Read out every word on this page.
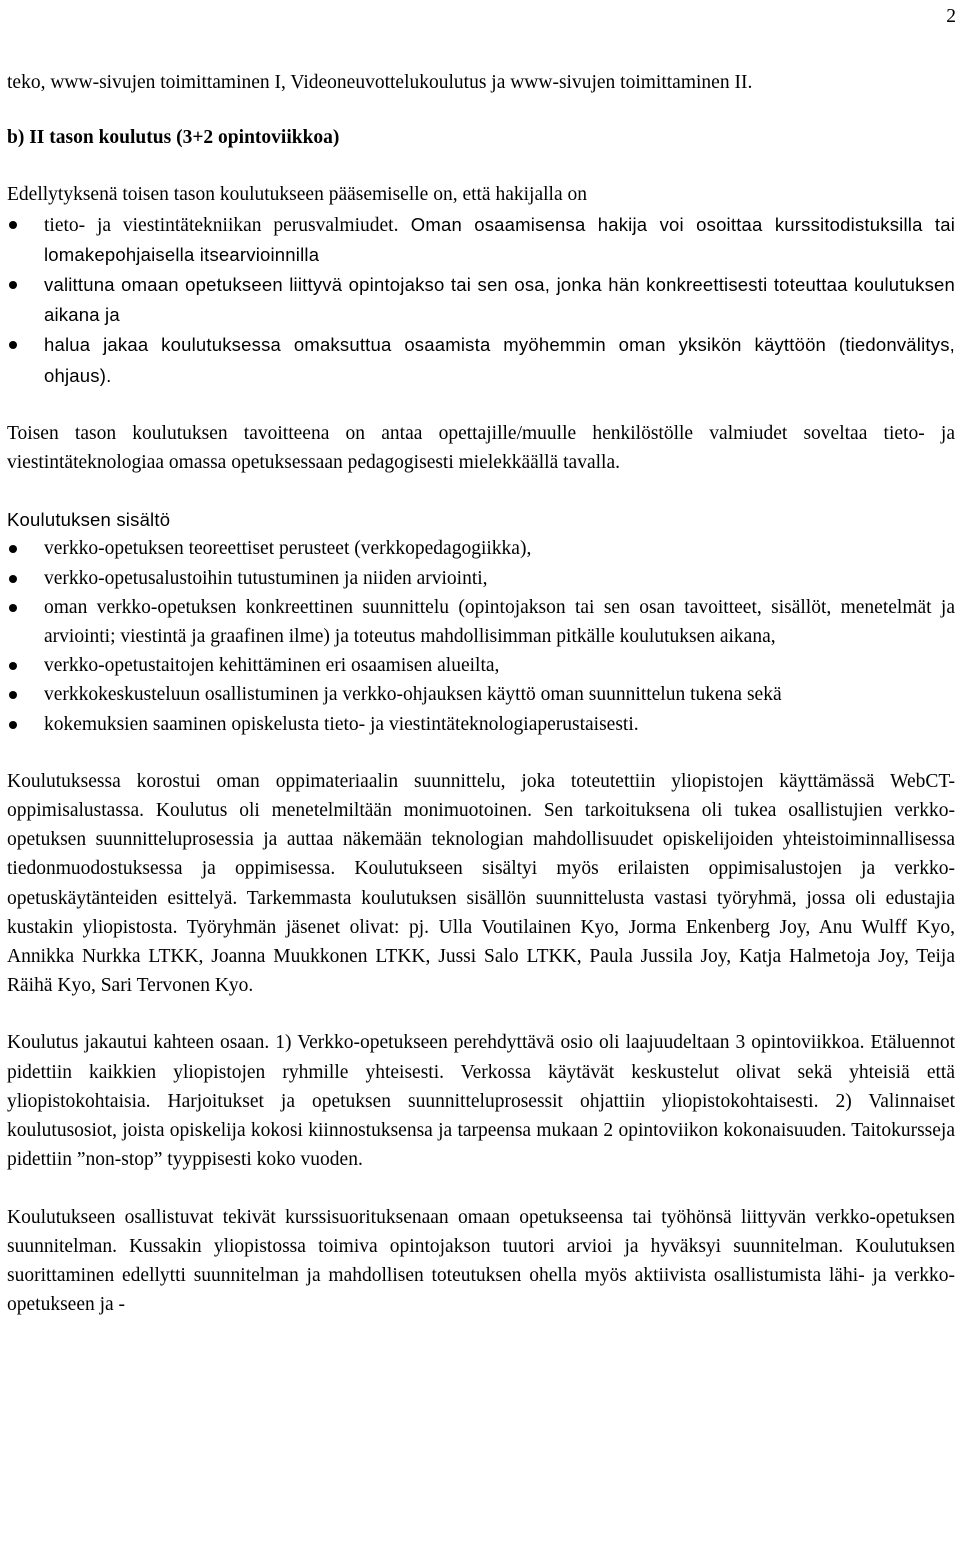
2

teko, www-sivujen toimittaminen I, Videoneuvottelukoulutus ja www-sivujen toimittaminen II.

b) II tason koulutus (3+2 opintoviikkoa)

Edellytyksenä toisen tason koulutukseen pääsemiselle on, että hakijalla on

tieto- ja viestintätekniikan perusvalmiudet. Oman osaamisensa hakija voi osoittaa kurssitodistuksilla tai lomakepohjaisella itsearvioinnilla
valittuna omaan opetukseen liittyvä opintojakso tai sen osa, jonka hän konkreettisesti toteuttaa koulutuksen aikana ja
halua jakaa koulutuksessa omaksuttua osaamista myöhemmin oman yksikön käyttöön (tiedonvälitys, ohjaus).

Toisen tason koulutuksen tavoitteena on antaa opettajille/muulle henkilöstölle valmiudet soveltaa tieto- ja viestintäteknologiaa omassa opetuksessaan pedagogisesti mielekkäällä tavalla.

Koulutuksen sisältö

verkko-opetuksen teoreettiset perusteet (verkkopedagogiikka),
verkko-opetusalustoihin tutustuminen ja niiden arviointi,
oman verkko-opetuksen konkreettinen suunnittelu (opintojakson tai sen osan tavoitteet, sisällöt, menetelmät ja arviointi; viestintä ja graafinen ilme) ja toteutus mahdollisimman pitkälle koulutuksen aikana,
verkko-opetustaitojen kehittäminen eri osaamisen alueilta,
verkkokeskusteluun osallistuminen ja verkko-ohjauksen käyttö oman suunnittelun tukena sekä
kokemuksien saaminen opiskelusta tieto- ja viestintäteknologiaperustaisesti.

Koulutuksessa korostui oman oppimateriaalin suunnittelu, joka toteutettiin yliopistojen käyttämässä WebCT-oppimisalustassa. Koulutus oli menetelmiltään monimuotoinen. Sen tarkoituksena oli tukea osallistujien verkko-opetuksen suunnitteluprosessia ja auttaa näkemään teknologian mahdollisuudet opiskelijoiden yhteistoiminnallisessa tiedonmuodostuksessa ja oppimisessa. Koulutukseen sisältyi myös erilaisten oppimisalustojen ja verkko-opetuskäytänteiden esittelyä. Tarkemmasta koulutuksen sisällön suunnittelusta vastasi työryhmä, jossa oli edustajia kustakin yliopistosta. Työryhmän jäsenet olivat: pj. Ulla Voutilainen Kyo, Jorma Enkenberg Joy, Anu Wulff Kyo, Annikka Nurkka LTKK, Joanna Muukkonen LTKK, Jussi Salo LTKK, Paula Jussila Joy, Katja Halmetoja Joy, Teija Räihä Kyo, Sari Tervonen Kyo.

Koulutus jakautui kahteen osaan. 1) Verkko-opetukseen perehdyttävä osio oli laajuudeltaan 3 opintoviikkoa. Etäluennot pidettiin kaikkien yliopistojen ryhmille yhteisesti. Verkossa käytävät keskustelut olivat sekä yhteisiä että yliopistokohtaisia. Harjoitukset ja opetuksen suunnitteluprosessit ohjattiin yliopistokohtaisesti. 2) Valinnaiset koulutusosiot, joista opiskelija kokosi kiinnostuksensa ja tarpeensa mukaan 2 opintoviikon kokonaisuuden. Taitokursseja pidettiin ”non-stop” tyyppisesti koko vuoden.

Koulutukseen osallistuvat tekivät kurssisuorituksenaan omaan opetukseensa tai työhönsä liittyvän verkko-opetuksen suunnitelman. Kussakin yliopistossa toimiva opintojakson tuutori arvioi ja hyväksyi suunnitelman. Koulutuksen suorittaminen edellytti suunnitelman ja mahdollisen toteutuksen ohella myös aktiivista osallistumista lähi- ja verkko-opetukseen ja -
